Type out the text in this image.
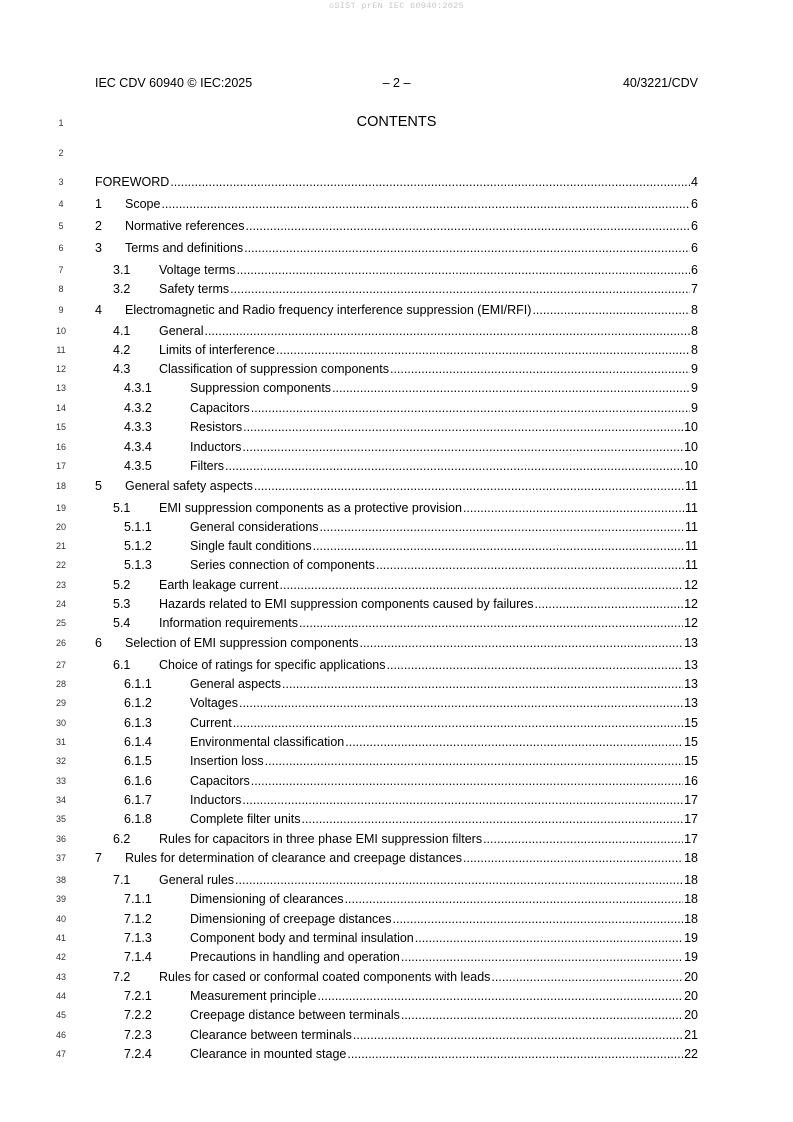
oSIST prEN IEC 60940:2025
IEC CDV 60940 © IEC:2025	– 2 –	40/3221/CDV
1
2
3
4
5
6
7
8
9
10
11
12
13
14
15
16
17
18
19
20
21
22
23
24
25
26
27
28
29
30
31
32
33
34
35
36
37
38
39
40
41
42
43
44
45
46
47
CONTENTS
FOREWORD .....	4
1	Scope .....	6
2	Normative references .....	6
3	Terms and definitions .....	6
3.1	Voltage terms .....	6
3.2	Safety terms .....	7
4	Electromagnetic and Radio frequency interference suppression (EMI/RFI) .....	8
4.1	General .....	8
4.2	Limits of interference .....	8
4.3	Classification of suppression components .....	9
4.3.1	Suppression components .....	9
4.3.2	Capacitors .....	9
4.3.3	Resistors .....	10
4.3.4	Inductors .....	10
4.3.5	Filters .....	10
5	General safety aspects .....	11
5.1	EMI suppression components as a protective provision .....	11
5.1.1	General considerations .....	11
5.1.2	Single fault conditions .....	11
5.1.3	Series connection of components .....	11
5.2	Earth leakage current .....	12
5.3	Hazards related to EMI suppression components caused by failures .....	12
5.4	Information requirements .....	12
6	Selection of EMI suppression components .....	13
6.1	Choice of ratings for specific applications .....	13
6.1.1	General aspects .....	13
6.1.2	Voltages .....	13
6.1.3	Current .....	15
6.1.4	Environmental classification .....	15
6.1.5	Insertion loss .....	15
6.1.6	Capacitors .....	16
6.1.7	Inductors .....	17
6.1.8	Complete filter units .....	17
6.2	Rules for capacitors in three phase EMI suppression filters .....	17
7	Rules for determination of clearance and creepage distances .....	18
7.1	General rules .....	18
7.1.1	Dimensioning of clearances .....	18
7.1.2	Dimensioning of creepage distances .....	18
7.1.3	Component body and terminal insulation .....	19
7.1.4	Precautions in handling and operation .....	19
7.2	Rules for cased or conformal coated components with leads .....	20
7.2.1	Measurement principle .....	20
7.2.2	Creepage distance between terminals .....	20
7.2.3	Clearance between terminals .....	21
7.2.4	Clearance in mounted stage .....	22
